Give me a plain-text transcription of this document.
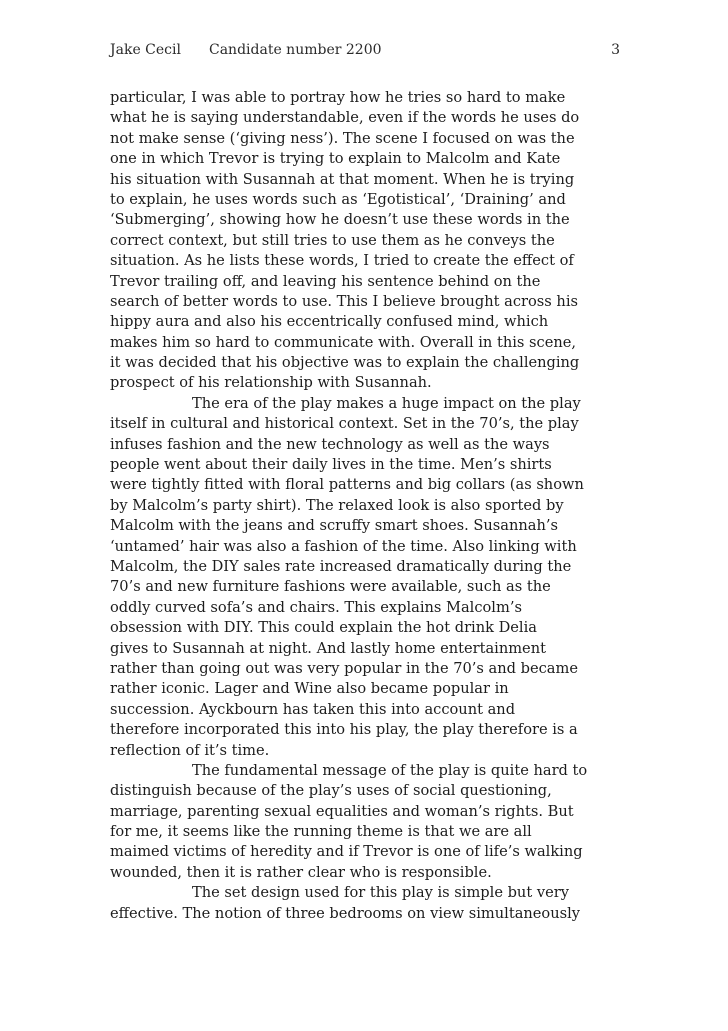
Jake Cecil Candidate number 2200	3
particular, I was able to portray how he tries so hard to make
what he is saying understandable, even if the words he uses do
not make sense (‘giving ness’). The scene I focused on was the
one in which Trevor is trying to explain to Malcolm and Kate
his situation with Susannah at that moment. When he is trying
to explain, he uses words such as ‘Egotistical’, ‘Draining’ and
‘Submerging’, showing how he doesn’t use these words in the
correct context, but still tries to use them as he conveys the
situation. As he lists these words, I tried to create the effect of
Trevor trailing off, and leaving his sentence behind on the
search of better words to use. This I believe brought across his
hippy aura and also his eccentrically confused mind, which
makes him so hard to communicate with. Overall in this scene,
it was decided that his objective was to explain the challenging
prospect of his relationship with Susannah.
The era of the play makes a huge impact on the play
itself in cultural and historical context. Set in the 70’s, the play
infuses fashion and the new technology as well as the ways
people went about their daily lives in the time. Men’s shirts
were tightly fitted with floral patterns and big collars (as shown
by Malcolm’s party shirt). The relaxed look is also sported by
Malcolm with the jeans and scruffy smart shoes. Susannah’s
‘untamed’ hair was also a fashion of the time. Also linking with
Malcolm, the DIY sales rate increased dramatically during the
70’s and new furniture fashions were available, such as the
oddly curved sofa’s and chairs. This explains Malcolm’s
obsession with DIY. This could explain the hot drink Delia
gives to Susannah at night. And lastly home entertainment
rather than going out was very popular in the 70’s and became
rather iconic. Lager and Wine also became popular in
succession. Ayckbourn has taken this into account and
therefore incorporated this into his play, the play therefore is a
reflection of it’s time.
The fundamental message of the play is quite hard to
distinguish because of the play’s uses of social questioning,
marriage, parenting sexual equalities and woman’s rights. But
for me, it seems like the running theme is that we are all
maimed victims of heredity and if Trevor is one of life’s walking
wounded, then it is rather clear who is responsible.
The set design used for this play is simple but very
effective. The notion of three bedrooms on view simultaneously
